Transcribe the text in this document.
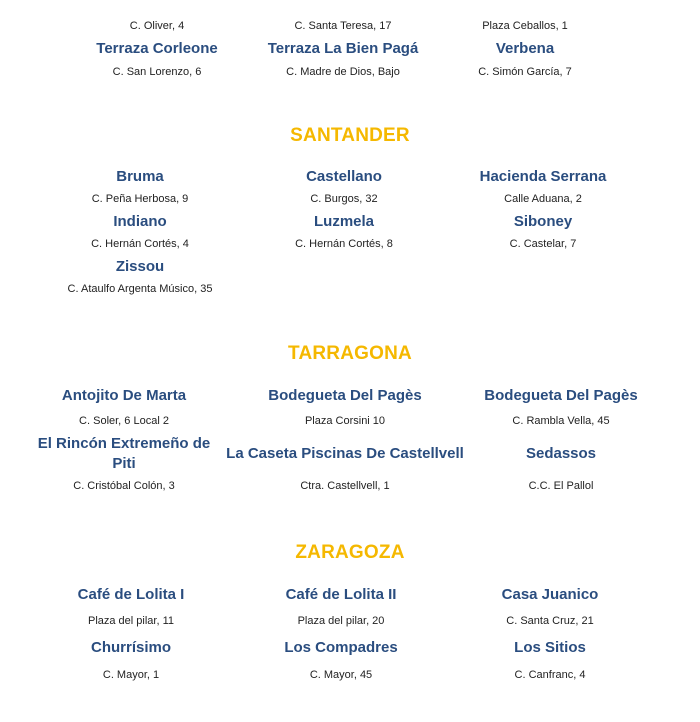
C. Oliver, 4	C. Santa Teresa, 17	Plaza Ceballos, 1
Terraza Corleone
C. San Lorenzo, 6
Terraza La Bien Pagá
C. Madre de Dios, Bajo
Verbena
C. Simón García, 7
SANTANDER
Bruma
C. Peña Herbosa, 9
Castellano
C. Burgos, 32
Hacienda Serrana
Calle Aduana, 2
Indiano
C. Hernán Cortés, 4
Luzmela
C. Hernán Cortés, 8
Siboney
C. Castelar, 7
Zissou
C. Ataulfo Argenta Músico, 35
TARRAGONA
Antojito De Marta
C. Soler, 6 Local 2
Bodegueta Del Pagès
Plaza Corsini 10
Bodegueta Del Pagès
C. Rambla Vella, 45
El Rincón Extremeño de Piti
C. Cristóbal Colón, 3
La Caseta Piscinas De Castellvell
Ctra. Castellvell, 1
Sedassos
C.C. El Pallol
ZARAGOZA
Café de Lolita I
Plaza del pilar, 11
Café de Lolita II
Plaza del pilar, 20
Casa Juanico
C. Santa Cruz, 21
Churrísimo
C. Mayor, 1
Los Compadres
C. Mayor, 45
Los Sitios
C. Canfranc, 4
